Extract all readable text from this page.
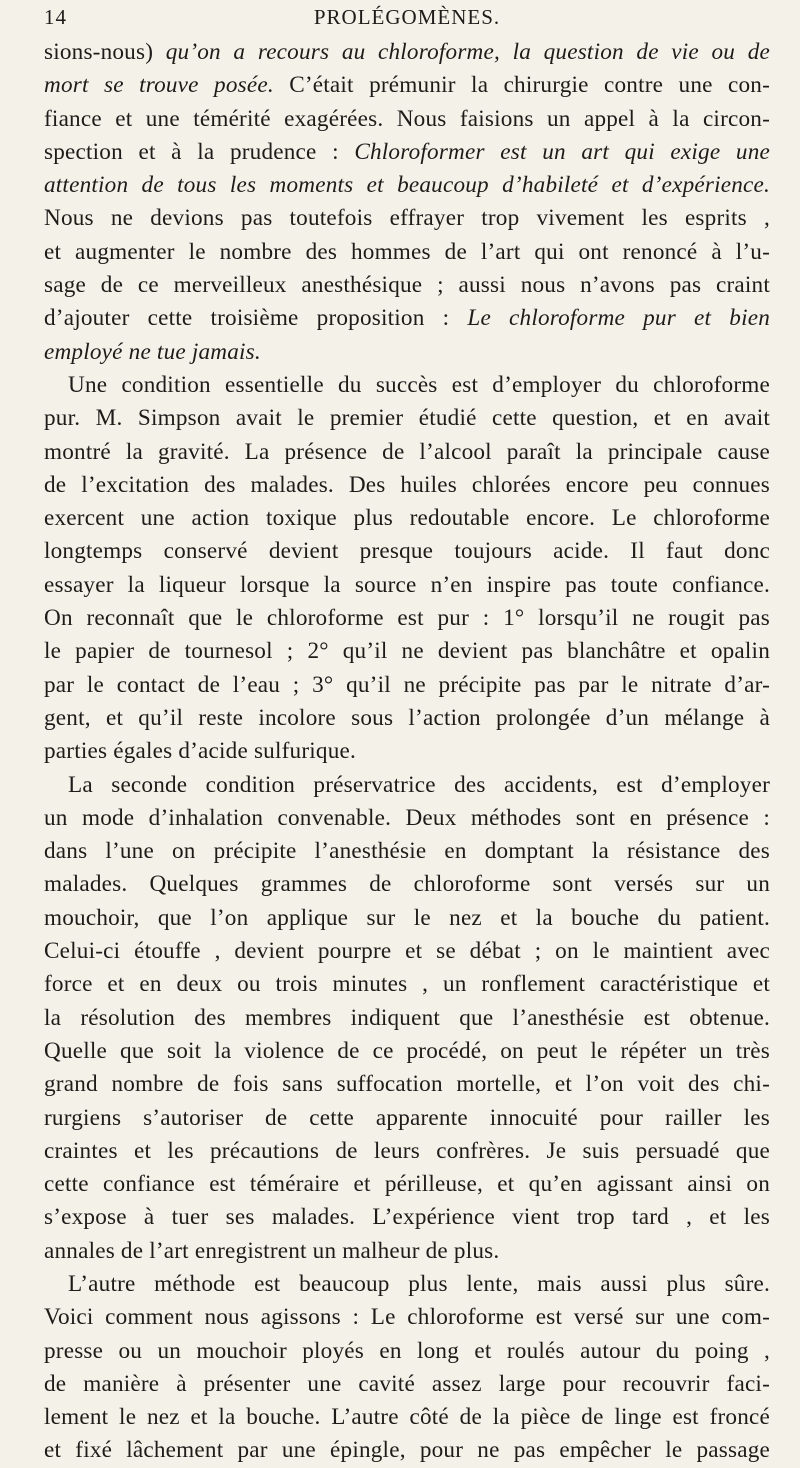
14	PROLÉGOMÈNES.
sions-nous) qu’on a recours au chloroforme, la question de vie ou de
mort se trouve posée. C’était prémunir la chirurgie contre une con-
fiance et une témérité exagérées. Nous faisions un appel à la circon-
spection et à la prudence : Chloroformer est un art qui exige une
attention de tous les moments et beaucoup d’habileté et d’expérience.
Nous ne devions pas toutefois effrayer trop vivement les esprits ,
et augmenter le nombre des hommes de l’art qui ont renoncé à l’u-
sage de ce merveilleux anesthésique ; aussi nous n’avons pas craint
d’ajouter cette troisième proposition : Le chloroforme pur et bien
employé ne tue jamais.
Une condition essentielle du succès est d’employer du chloroforme
pur. M. Simpson avait le premier étudié cette question, et en avait
montré la gravité. La présence de l’alcool paraît la principale cause
de l’excitation des malades. Des huiles chlorées encore peu connues
exercent une action toxique plus redoutable encore. Le chloroforme
longtemps conservé devient presque toujours acide. Il faut donc
essayer la liqueur lorsque la source n’en inspire pas toute confiance.
On reconnaît que le chloroforme est pur : 1° lorsqu’il ne rougit pas
le papier de tournesol ; 2° qu’il ne devient pas blanchâtre et opalin
par le contact de l’eau ; 3° qu’il ne précipite pas par le nitrate d’ar-
gent, et qu’il reste incolore sous l’action prolongée d’un mélange à
parties égales d’acide sulfurique.
La seconde condition préservatrice des accidents, est d’employer
un mode d’inhalation convenable. Deux méthodes sont en présence :
dans l’une on précipite l’anesthésie en domptant la résistance des
malades. Quelques grammes de chloroforme sont versés sur un
mouchoir, que l’on applique sur le nez et la bouche du patient.
Celui-ci étouffe , devient pourpre et se débat ; on le maintient avec
force et en deux ou trois minutes , un ronflement caractéristique et
la résolution des membres indiquent que l’anesthésie est obtenue.
Quelle que soit la violence de ce procédé, on peut le répéter un très
grand nombre de fois sans suffocation mortelle, et l’on voit des chi-
rurgiens s’autoriser de cette apparente innocuité pour railler les
craintes et les précautions de leurs confrères. Je suis persuadé que
cette confiance est téméraire et périlleuse, et qu’en agissant ainsi on
s’expose à tuer ses malades. L’expérience vient trop tard , et les
annales de l’art enregistrent un malheur de plus.
L’autre méthode est beaucoup plus lente, mais aussi plus sûre.
Voici comment nous agissons : Le chloroforme est versé sur une com-
presse ou un mouchoir ployés en long et roulés autour du poing ,
de manière à présenter une cavité assez large pour recouvrir faci-
lement le nez et la bouche. L’autre côté de la pièce de linge est froncé
et fixé lâchement par une épingle, pour ne pas empêcher le passage
